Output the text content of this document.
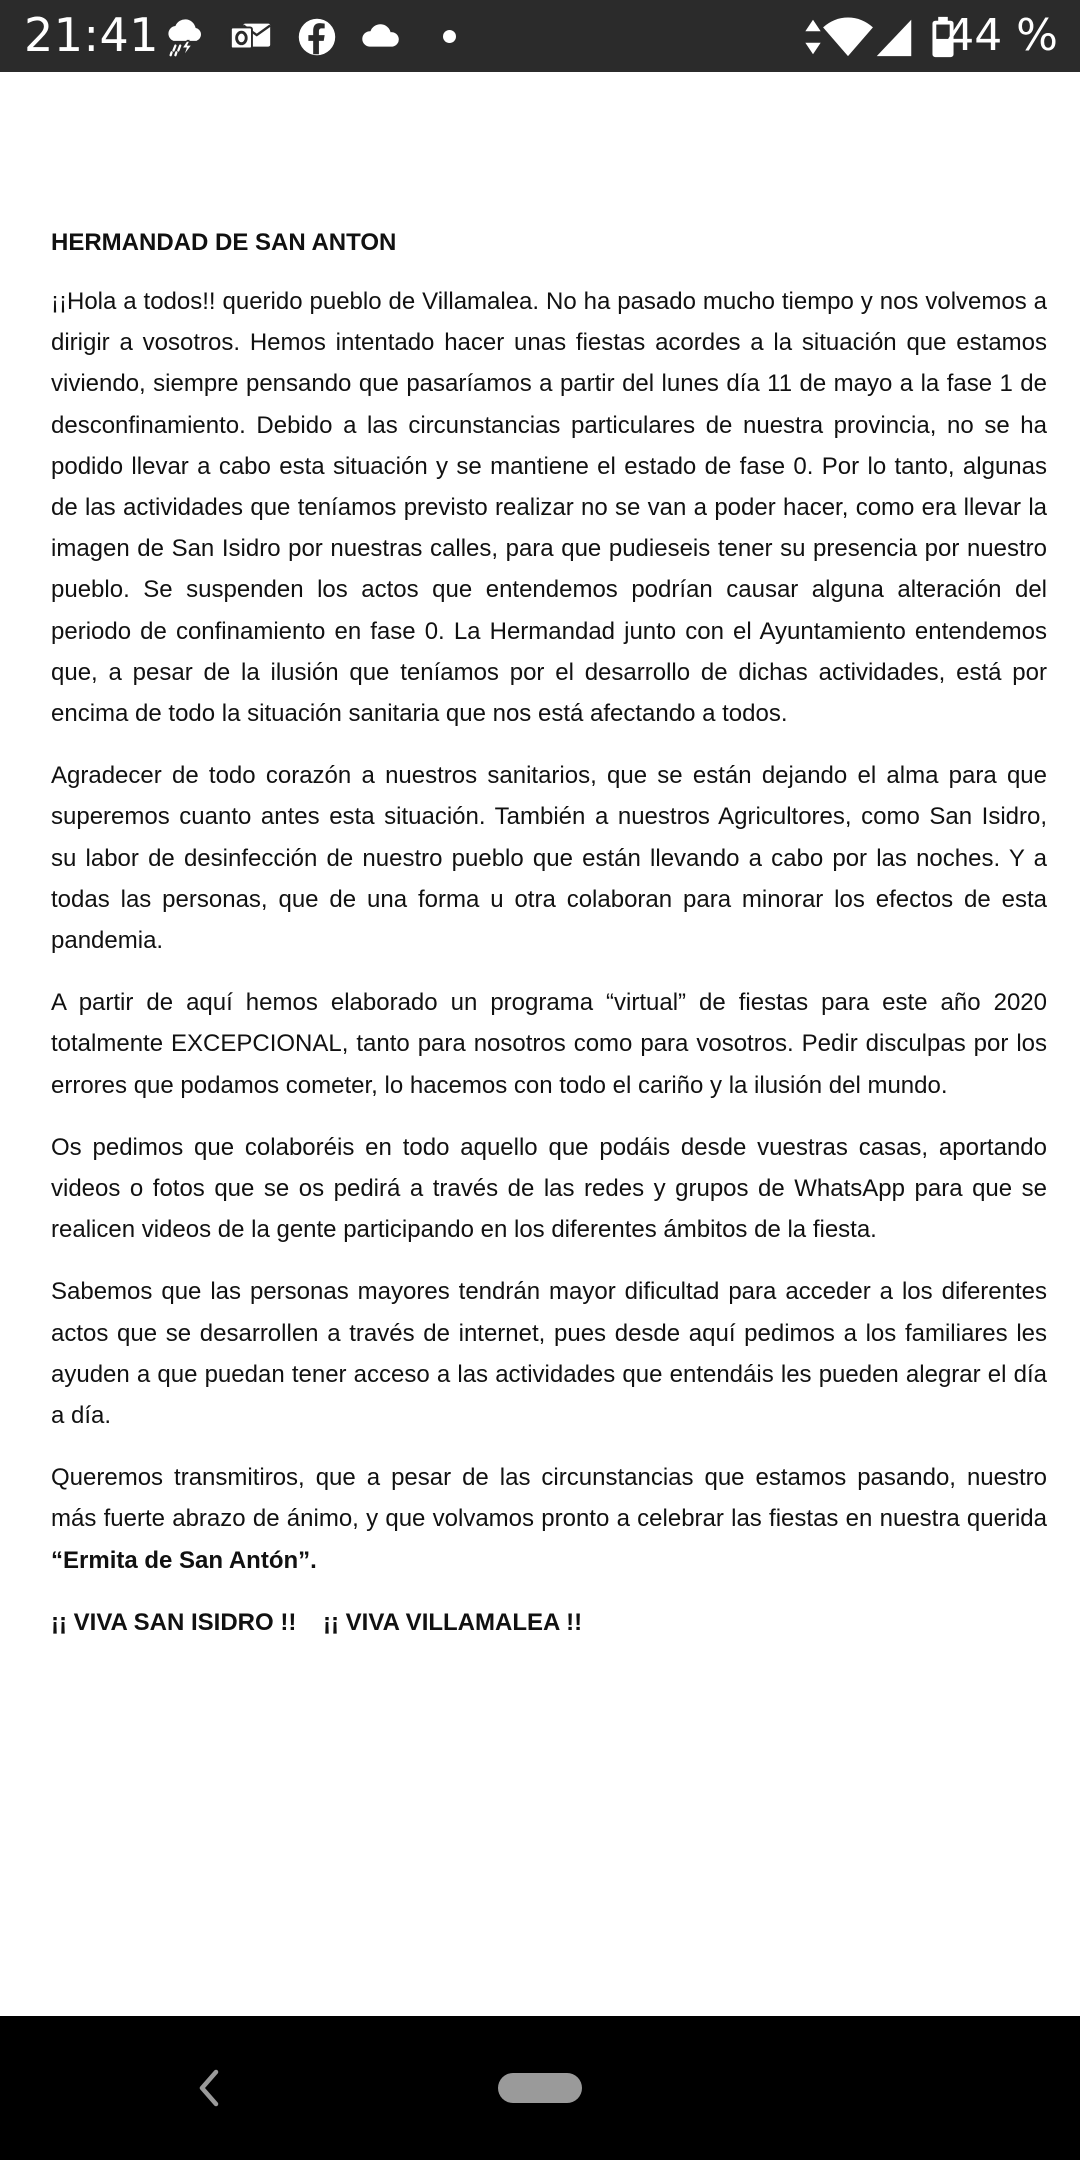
21:41	44 %
HERMANDAD DE SAN ANTON

¡¡Hola a todos!! querido pueblo de Villamalea. No ha pasado mucho tiempo y nos volvemos a dirigir a vosotros. Hemos intentado hacer unas fiestas acordes a la situación que estamos viviendo, siempre pensando que pasaríamos a partir del lunes día 11 de mayo a la fase 1 de desconfinamiento. Debido a las circunstancias particulares de nuestra provincia, no se ha podido llevar a cabo esta situación y se mantiene el estado de fase 0. Por lo tanto, algunas de las actividades que teníamos previsto realizar no se van a poder hacer, como era llevar la imagen de San Isidro por nuestras calles, para que pudieseis tener su presencia por nuestro pueblo. Se suspenden los actos que entendemos podrían causar alguna alteración del periodo de confinamiento en fase 0. La Hermandad junto con el Ayuntamiento entendemos que, a pesar de la ilusión que teníamos por el desarrollo de dichas actividades, está por encima de todo la situación sanitaria que nos está afectando a todos.

Agradecer de todo corazón a nuestros sanitarios, que se están dejando el alma para que superemos cuanto antes esta situación. También a nuestros Agricultores, como San Isidro, su labor de desinfección de nuestro pueblo que están llevando a cabo por las noches. Y a todas las personas, que de una forma u otra colaboran para minorar los efectos de esta pandemia.

A partir de aquí hemos elaborado un programa “virtual” de fiestas para este año 2020 totalmente EXCEPCIONAL, tanto para nosotros como para vosotros. Pedir disculpas por los errores que podamos cometer, lo hacemos con todo el cariño y la ilusión del mundo.

Os pedimos que colaboréis en todo aquello que podáis desde vuestras casas, aportando videos o fotos que se os pedirá a través de las redes y grupos de WhatsApp para que se realicen videos de la gente participando en los diferentes ámbitos de la fiesta.

Sabemos que las personas mayores tendrán mayor dificultad para acceder a los diferentes actos que se desarrollen a través de internet, pues desde aquí pedimos a los familiares les ayuden a que puedan tener acceso a las actividades que entendáis les pueden alegrar el día a día.

Queremos transmitiros, que a pesar de las circunstancias que estamos pasando, nuestro más fuerte abrazo de ánimo, y que volvamos pronto a celebrar las fiestas en nuestra querida “Ermita de San Antón”.

¡¡ VIVA SAN ISIDRO !! ¡¡ VIVA VILLAMALEA !!
